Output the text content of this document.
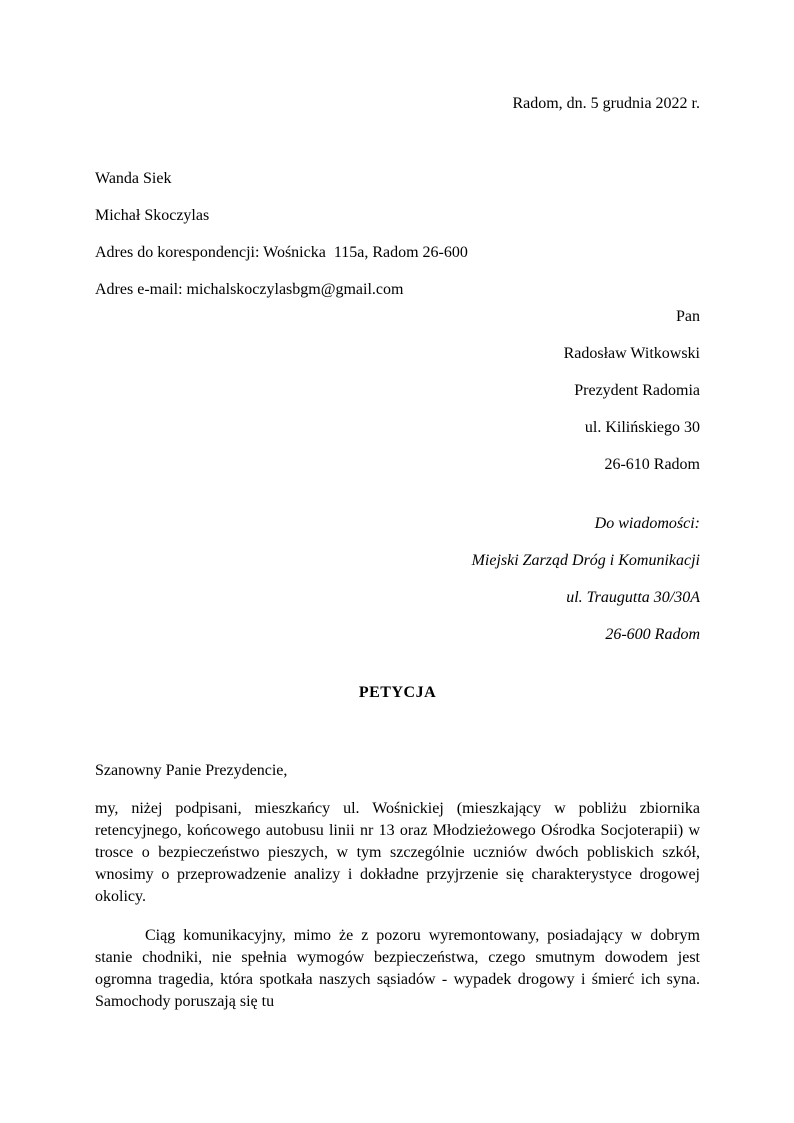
Radom, dn. 5 grudnia 2022 r.
Wanda Siek
Michał Skoczylas
Adres do korespondencji: Wośnicka  115a, Radom 26-600
Adres e-mail: michalskoczylasbgm@gmail.com
Pan
Radosław Witkowski
Prezydent Radomia
ul. Kilińskiego 30
26-610 Radom
Do wiadomości:
Miejski Zarząd Dróg i Komunikacji
ul. Traugutta 30/30A
26-600 Radom
PETYCJA
Szanowny Panie Prezydencie,

my, niżej podpisani, mieszkańcy ul. Wośnickiej (mieszkający w pobliżu zbiornika retencyjnego, końcowego autobusu linii nr 13 oraz Młodzieżowego Ośrodka Socjoterapii) w trosce o bezpieczeństwo pieszych, w tym szczególnie uczniów dwóch pobliskich szkół, wnosimy o przeprowadzenie analizy i dokładne przyjrzenie się charakterystyce drogowej okolicy.

Ciąg komunikacyjny, mimo że z pozoru wyremontowany, posiadający w dobrym stanie chodniki, nie spełnia wymogów bezpieczeństwa, czego smutnym dowodem jest ogromna tragedia, która spotkała naszych sąsiadów - wypadek drogowy i śmierć ich syna. Samochody poruszają się tu
